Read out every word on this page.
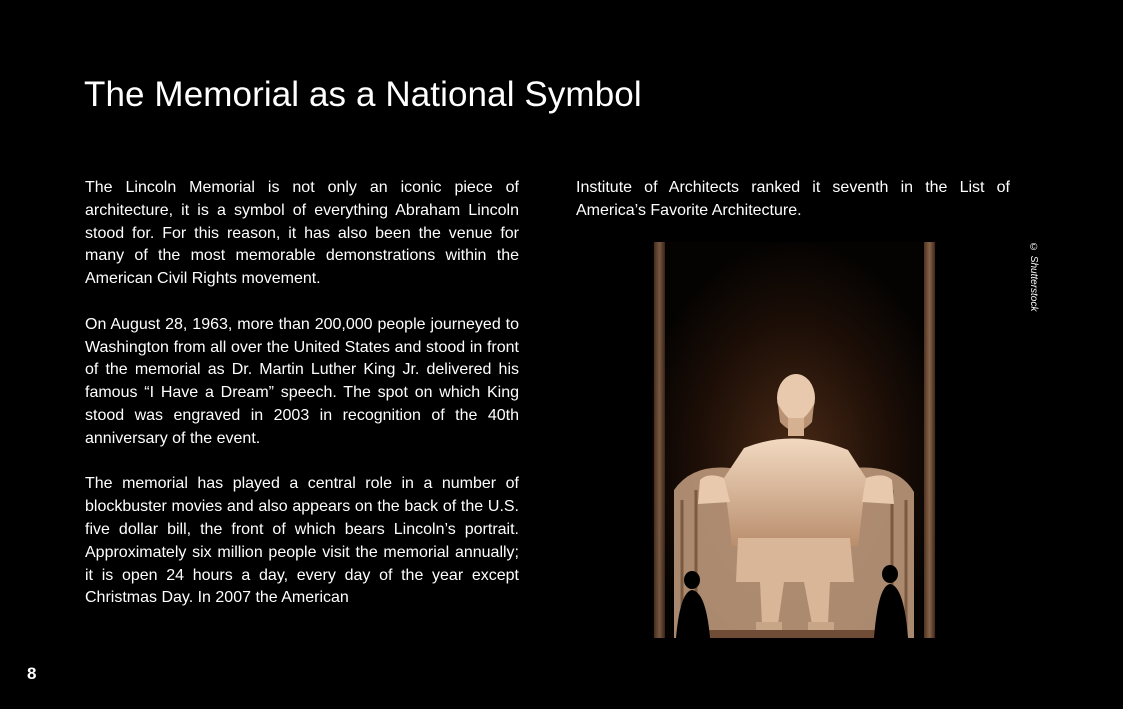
The Memorial as a National Symbol

The Lincoln Memorial is not only an iconic piece of architecture, it is a symbol of everything Abraham Lincoln stood for. For this reason, it has also been the venue for many of the most memorable demonstrations within the American Civil Rights movement.

On August 28, 1963, more than 200,000 people journeyed to Washington from all over the United States and stood in front of the memorial as Dr. Martin Luther King Jr. delivered his famous “I Have a Dream” speech. The spot on which King stood was engraved in 2003 in recognition of the 40th anniversary of the event.

The memorial has played a central role in a number of blockbuster movies and also appears on the back of the U.S. five dollar bill, the front of which bears Lincoln’s portrait. Approximately six million people visit the memorial annually; it is open 24 hours a day, every day of the year except Christmas Day. In 2007 the American

Institute of Architects ranked it seventh in the List of America’s Favorite Architecture.

© Shutterstock
8
